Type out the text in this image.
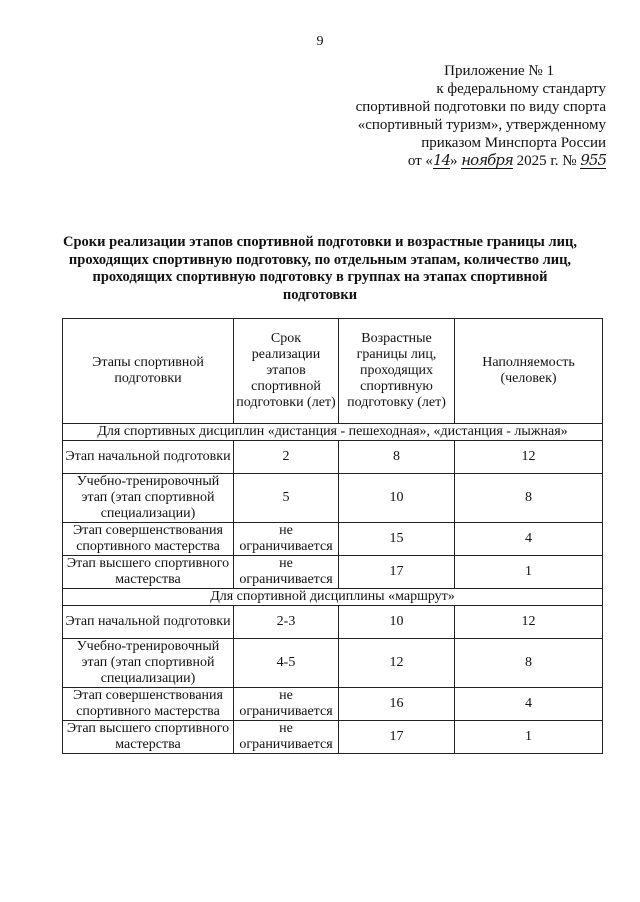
9
Приложение № 1
к федеральному стандарту
спортивной подготовки по виду спорта
«спортивный туризм», утвержденному
приказом Минспорта России
от «14» ноября 2025 г. № 955
Сроки реализации этапов спортивной подготовки и возрастные границы лиц, проходящих спортивную подготовку, по отдельным этапам, количество лиц, проходящих спортивную подготовку в группах на этапах спортивной подготовки
Этапы спортивной подготовки	Срок реализации этапов спортивной подготовки (лет)	Возрастные границы лиц, проходящих спортивную подготовку (лет)	Наполняемость (человек)
Для спортивных дисциплин «дистанция - пешеходная», «дистанция - лыжная»			
Этап начальной подготовки	2	8	12
Учебно-тренировочный этап (этап спортивной специализации)	5	10	8
Этап совершенствования спортивного мастерства	не ограничивается	15	4
Этап высшего спортивного мастерства	не ограничивается	17	1
Для спортивной дисциплины «маршрут»			
Этап начальной подготовки	2-3	10	12
Учебно-тренировочный этап (этап спортивной специализации)	4-5	12	8
Этап совершенствования спортивного мастерства	не ограничивается	16	4
Этап высшего спортивного мастерства	не ограничивается	17	1
